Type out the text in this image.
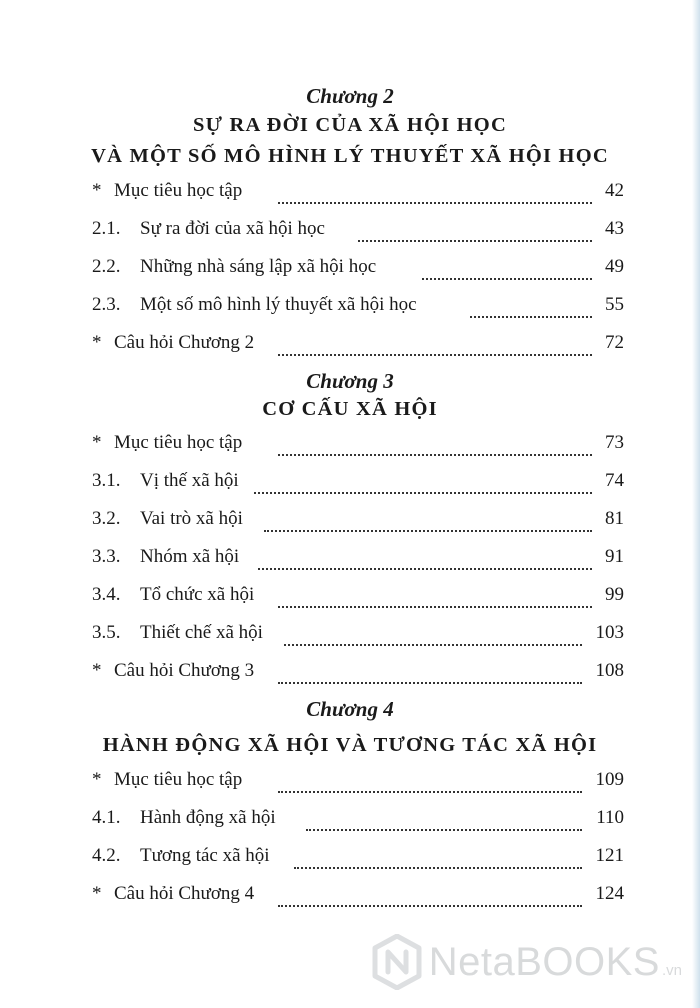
Chương 2
SỰ RA ĐỜI CỦA XÃ HỘI HỌC
VÀ MỘT SỐ MÔ HÌNH LÝ THUYẾT XÃ HỘI HỌC
* Mục tiêu học tập	42
2.1. Sự ra đời của xã hội học	43
2.2. Những nhà sáng lập xã hội học	49
2.3. Một số mô hình lý thuyết xã hội học	55
* Câu hỏi Chương 2	72
Chương 3
CƠ CẤU XÃ HỘI
* Mục tiêu học tập	73
3.1. Vị thế xã hội	74
3.2. Vai trò xã hội	81
3.3. Nhóm xã hội	91
3.4. Tổ chức xã hội	99
3.5. Thiết chế xã hội	103
* Câu hỏi Chương 3	108
Chương 4
HÀNH ĐỘNG XÃ HỘI VÀ TƯƠNG TÁC XÃ HỘI
* Mục tiêu học tập	109
4.1. Hành động xã hội	110
4.2. Tương tác xã hội	121
* Câu hỏi Chương 4	124
NetaBOOKS .vn
